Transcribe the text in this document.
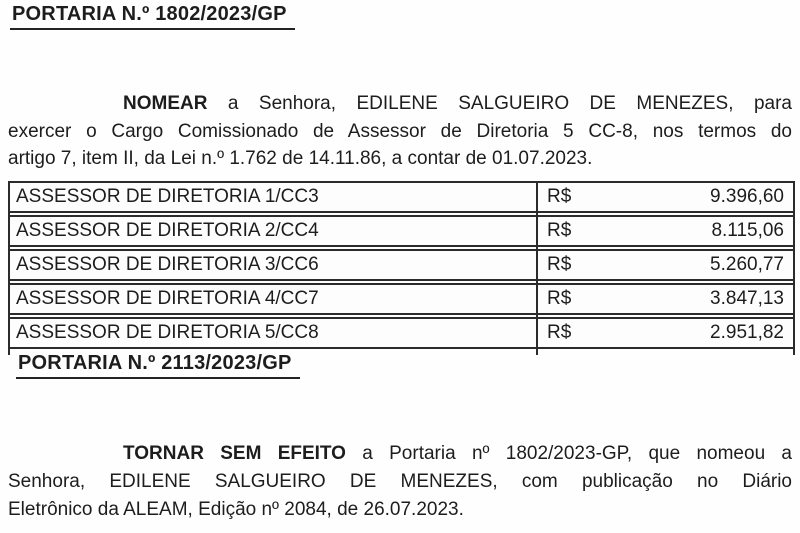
PORTARIA N.º 1802/2023/GP
NOMEAR a Senhora, EDILENE SALGUEIRO DE MENEZES, para
exercer o Cargo Comissionado de Assessor de Diretoria 5 CC-8, nos termos do
artigo 7, item II, da Lei n.º 1.762 de 14.11.86, a contar de 01.07.2023.
ASSESSOR DE DIRETORIA 1/CC3	R$	9.396,60
ASSESSOR DE DIRETORIA 2/CC4	R$	8.115,06
ASSESSOR DE DIRETORIA 3/CC6	R$	5.260,77
ASSESSOR DE DIRETORIA 4/CC7	R$	3.847,13
ASSESSOR DE DIRETORIA 5/CC8	R$	2.951,82
PORTARIA N.º 2113/2023/GP
TORNAR SEM EFEITO a Portaria nº 1802/2023-GP, que nomeou a
Senhora, EDILENE SALGUEIRO DE MENEZES, com publicação no Diário
Eletrônico da ALEAM, Edição nº 2084, de 26.07.2023.
